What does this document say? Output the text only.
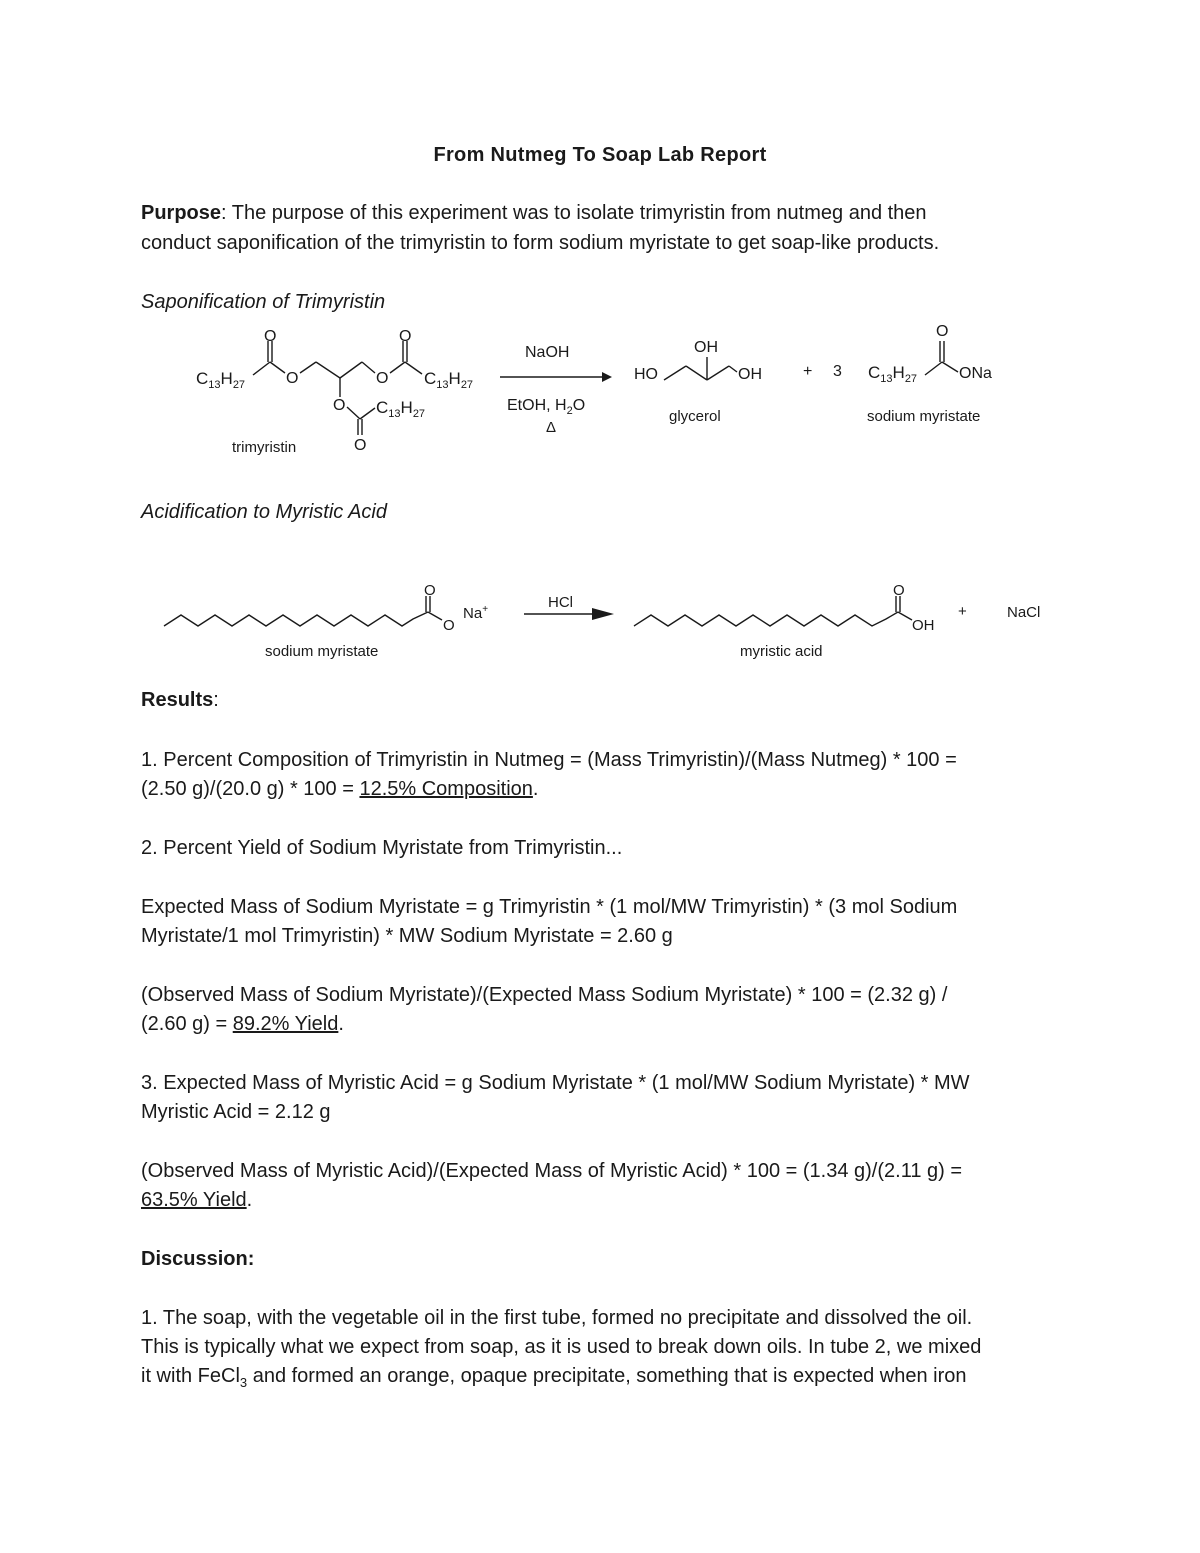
From Nutmeg To Soap Lab Report
Purpose: The purpose of this experiment was to isolate trimyristin from nutmeg and then
conduct saponification of the trimyristin to form sodium myristate to get soap-like products.
Saponification of Trimyristin
O	O
O	O
O
O
$C_{13}H_{27}$	$C_{13}H_{27}$
$C_{13}H_{27}$
trimyristin
NaOH
EtOH, $H_2O$
Δ
OH
HO	OH
glycerol
+ 3 $C_{13}H_{27}$
O
ONa
sodium myristate
Acidification to Myristic Acid
O
O
Na+
sodium myristate
HCl
O
OH
myristic acid
+	NaCl
Results:
1. Percent Composition of Trimyristin in Nutmeg = (Mass Trimyristin)/(Mass Nutmeg) * 100 =
(2.50 g)/(20.0 g) * 100 = 12.5% Composition.
2. Percent Yield of Sodium Myristate from Trimyristin...
Expected Mass of Sodium Myristate = g Trimyristin * (1 mol/MW Trimyristin) * (3 mol Sodium
Myristate/1 mol Trimyristin) * MW Sodium Myristate = 2.60 g
(Observed Mass of Sodium Myristate)/(Expected Mass Sodium Myristate) * 100 = (2.32 g) /
(2.60 g) = 89.2% Yield.
3. Expected Mass of Myristic Acid = g Sodium Myristate * (1 mol/MW Sodium Myristate) * MW
Myristic Acid = 2.12 g
(Observed Mass of Myristic Acid)/(Expected Mass of Myristic Acid) * 100 = (1.34 g)/(2.11 g) =
63.5% Yield.
Discussion:
1. The soap, with the vegetable oil in the first tube, formed no precipitate and dissolved the oil.
This is typically what we expect from soap, as it is used to break down oils. In tube 2, we mixed
it with FeCl$_3$ and formed an orange, opaque precipitate, something that is expected when iron
